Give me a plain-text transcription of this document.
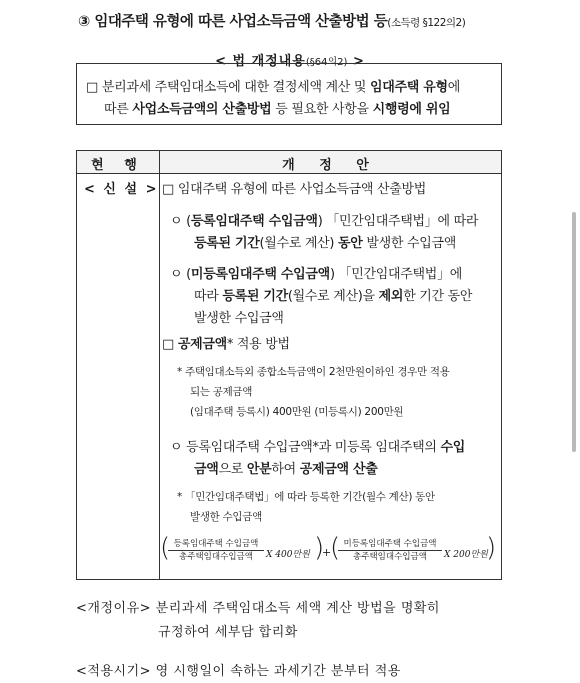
③ 임대주택 유형에 따른 사업소득금액 산출방법 등(소득령 §122의2)
< 법 개정내용(§64의2) >
□ 분리과세 주택임대소득에 대한 결정세액 계산 및 임대주택 유형에
따른 사업소득금액의 산출방법 등 필요한 사항을 시행령에 위임
현 행	개 정 안
< 신 설 > □ 임대주택 유형에 따른 사업소득금액 산출방법
ㅇ (등록임대주택 수입금액) 「민간임대주택법」에 따라
등록된 기간(월수로 계산) 동안 발생한 수입금액
ㅇ (미등록임대주택 수입금액) 「민간임대주택법」에
따라 등록된 기간(월수로 계산)을 제외한 기간 동안
발생한 수입금액
□ 공제금액* 적용 방법
* 주택임대소득외 종합소득금액이 2천만원이하인 경우만 적용
되는 공제금액
(임대주택 등록시) 400만원 (미등록시) 200만원
ㅇ 등록임대주택 수입금액*과 미등록 임대주택의 수입
금액으로 안분하여 공제금액 산출
* 「민간임대주택법」에 따라 등록한 기간(월수 계산) 동안
발생한 수입금액
( 등록임대주택 수입금액
총주택임대수입금액	X 400만원 )
+
( 미등록임대주택 수입금액
총주택임대수입금액	X 200만원
)
<개정이유> 분리과세 주택임대소득 세액 계산 방법을 명확히
규정하여 세부담 합리화
<적용시기> 영 시행일이 속하는 과세기간 분부터 적용
